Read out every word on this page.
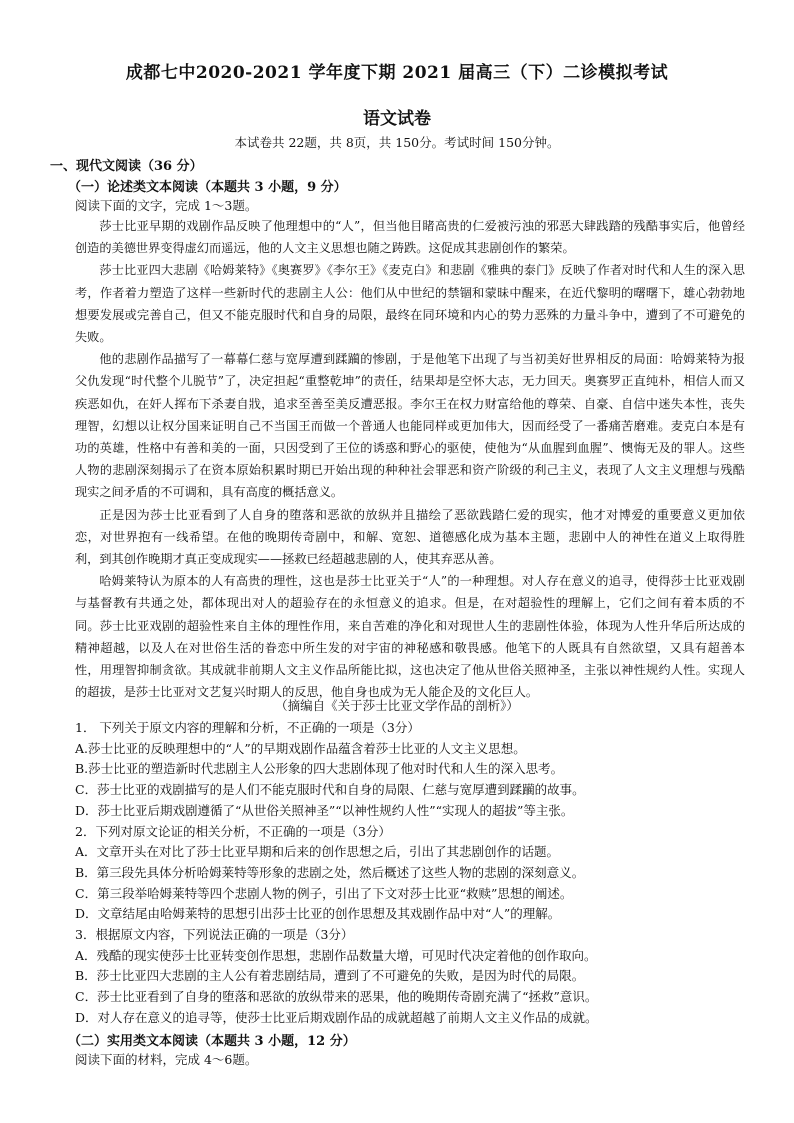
成都七中2020-2021 学年度下期 2021 届高三（下）二诊模拟考试
语文试卷
本试卷共 22题，共 8页，共 150分。考试时间 150分钟。
一、现代文阅读（36 分）
（一）论述类文本阅读（本题共 3 小题，9 分）
阅读下面的文字，完成 1～3题。

莎士比亚早期的戏剧作品反映了他理想中的“人”，但当他目睹高贵的仁爱被污浊的邪恶大肆践踏的残酷事实后，他曾经创造的美德世界变得虚幻而遥远，他的人文主义思想也随之踌跌。这促成其悲剧创作的繁荣。

莎士比亚四大悲剧《哈姆莱特》《奥赛罗》《李尔王》《麦克白》和悲剧《雅典的泰门》反映了作者对时代和人生的深入思考，作者着力塑造了这样一些新时代的悲剧主人公：他们从中世纪的禁锢和蒙昧中醒来，在近代黎明的曙曙下，雄心勃勃地想要发展或完善自己，但又不能克服时代和自身的局限，最终在同环境和内心的势力恶殊的力量斗争中，遭到了不可避免的失败。

他的悲剧作品描写了一幕幕仁慈与宽厚遭到蹂躏的惨剧，于是他笔下出现了与当初美好世界相反的局面：哈姆莱特为报父仇发现“时代整个儿脱节”了，决定担起“重整乾坤”的责任，结果却是空怀大志，无力回天。奥赛罗正直纯朴，相信人而又疾恶如仇，在奸人挥布下杀妻自戕，追求至善至美反遭恶报。李尔王在权力财富给他的尊荣、自豪、自信中迷失本性，丧失理智，幻想以让权分国来证明自己不当国王而做一个普通人也能同样或更加伟大，因而经受了一番痛苦磨难。麦克白本是有功的英雄，性格中有善和美的一面，只因受到了王位的诱惑和野心的驱使，使他为“从血腥到血腥”、懊悔无及的罪人。这些人物的悲剧深刻揭示了在资本原始积累时期已开始出现的种种社会罪恶和资产阶级的利己主义，表现了人文主义理想与残酷现实之间矛盾的不可调和，具有高度的概括意义。

正是因为莎士比亚看到了人自身的堕落和恶欲的放纵并且描绘了恶欲践踏仁爱的现实，他才对博爱的重要意义更加依恋，对世界抱有一线希望。在他的晚期传奇剧中，和解、宽恕、道德感化成为基本主题，悲剧中人的神性在道义上取得胜利，到其创作晚期才真正变成现实——拯救已经超越悲剧的人，使其弃恶从善。

哈姆莱特认为原本的人有高贵的理性，这也是莎士比亚关于“人”的一种理想。对人存在意义的追寻，使得莎士比亚戏剧与基督教有共通之处，都体现出对人的超验存在的永恒意义的追求。但是，在对超验性的理解上，它们之间有着本质的不同。莎士比亚戏剧的超验性来自主体的理性作用，来自苦难的净化和对现世人生的悲剧性体验，体现为人性升华后所达成的精神超越，以及人在对世俗生活的眷恋中所生发的对宇宙的神秘感和敬畏感。他笔下的人既具有自然欲望，又具有超善本性，用理智抑制贪欲。其成就非前期人文主义作品所能比拟，这也决定了他从世俗关照神圣，主张以神性规约人性。实现人的超拔，是莎士比亚对文艺复兴时期人的反思，他自身也成为无人能企及的文化巨人。

（摘编自《关于莎士比亚文学作品的剖析》）
1． 下列关于原文内容的理解和分析，不正确的一项是（3分）
A.莎士比亚的反映理想中的“人”的早期戏剧作品蕴含着莎士比亚的人文主义思想。
B.莎士比亚的塑造新时代悲剧主人公形象的四大悲剧体现了他对时代和人生的深入思考。
C．莎士比亚的戏剧描写的是人们不能克服时代和自身的局限、仁慈与宽厚遭到蹂躏的故事。
D．莎士比亚后期戏剧遵循了“从世俗关照神圣”“以神性规约人性”“实现人的超拔”等主张。
2．下列对原文论证的相关分析，不正确的一项是（3分）
A．文章开头在对比了莎士比亚早期和后来的创作思想之后，引出了其悲剧创作的话题。
B．第三段先具体分析哈姆莱特等形象的悲剧之处，然后概述了这些人物的悲剧的深刻意义。
C．第三段举哈姆莱特等四个悲剧人物的例子，引出了下文对莎士比亚“救赎”思想的阐述。
D．文章结尾由哈姆莱特的思想引出莎士比亚的创作思想及其戏剧作品中对“人”的理解。
3．根据原文内容，下列说法正确的一项是（3分）
A．残酷的现实使莎士比亚转变创作思想，悲剧作品数量大增，可见时代决定着他的创作取向。
B．莎士比亚四大悲剧的主人公有着悲剧结局，遭到了不可避免的失败，是因为时代的局限。
C．莎士比亚看到了自身的堕落和恶欲的放纵带来的恶果，他的晚期传奇剧充满了“拯救”意识。
D．对人存在意义的追寻等，使莎士比亚后期戏剧作品的成就超越了前期人文主义作品的成就。
（二）实用类文本阅读（本题共 3 小题，12 分）
阅读下面的材料，完成 4～6题。
